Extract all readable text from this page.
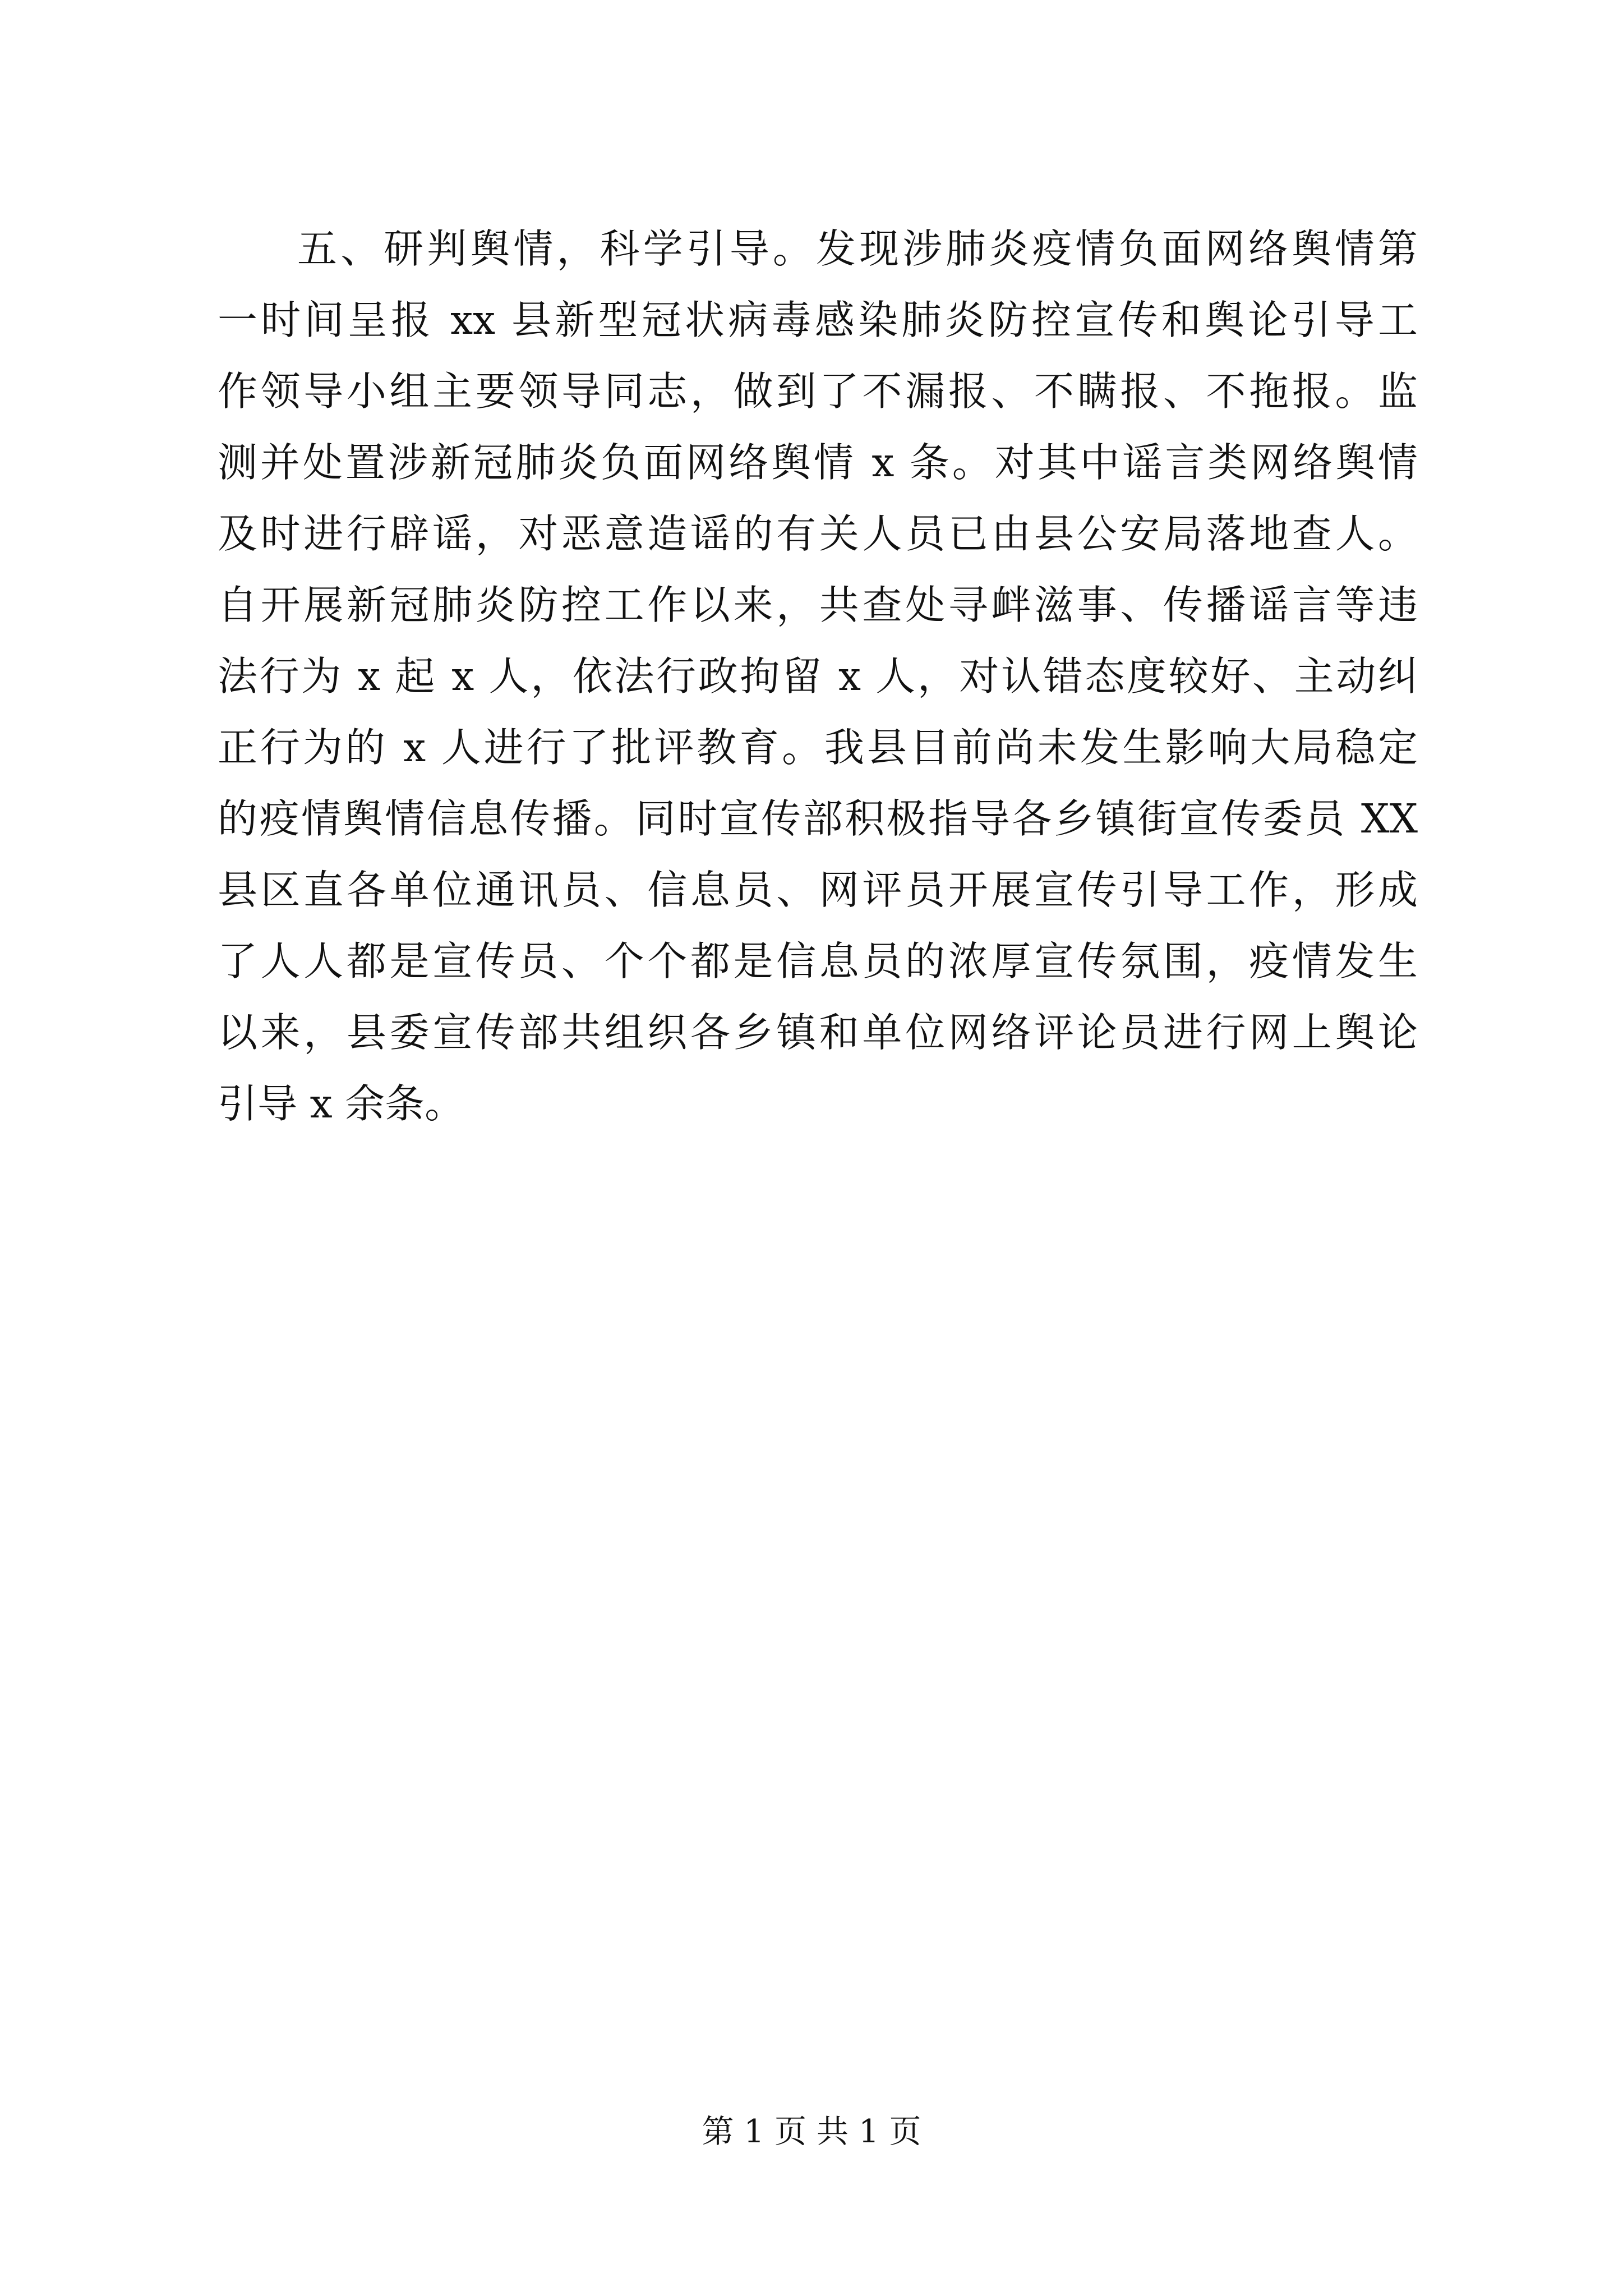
五、研判舆情，科学引导。发现涉肺炎疫情负面网络舆情第
一时间呈报 xx 县新型冠状病毒感染肺炎防控宣传和舆论引导工
作领导小组主要领导同志，做到了不漏报、不瞒报、不拖报。监
测并处置涉新冠肺炎负面网络舆情 x 条。对其中谣言类网络舆情
及时进行辟谣，对恶意造谣的有关人员已由县公安局落地查人。
自开展新冠肺炎防控工作以来，共查处寻衅滋事、传播谣言等违
法行为 x 起 x 人，依法行政拘留 x 人，对认错态度较好、主动纠
正行为的 x 人进行了批评教育。我县目前尚未发生影响大局稳定
的疫情舆情信息传播。同时宣传部积极指导各乡镇街宣传委员 XX
县区直各单位通讯员、信息员、网评员开展宣传引导工作，形成
了人人都是宣传员、个个都是信息员的浓厚宣传氛围，疫情发生
以来，县委宣传部共组织各乡镇和单位网络评论员进行网上舆论
引导 x 余条。
第 1 页 共 1 页
